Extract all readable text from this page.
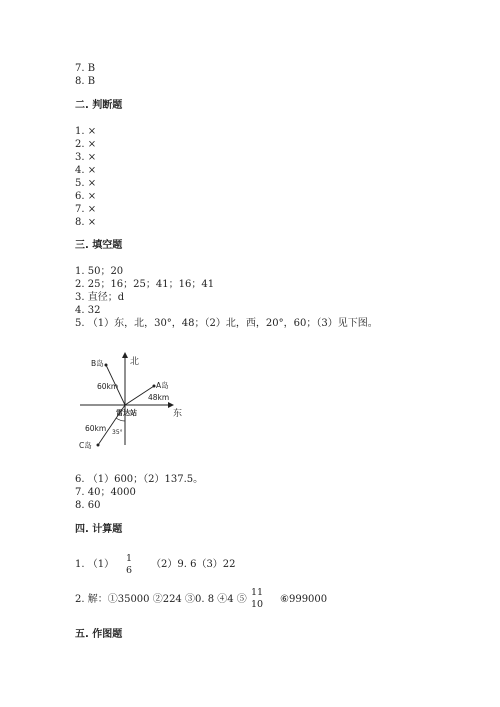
7. B
8. B
二. 判断题
1. ×
2. ×
3. ×
4. ×
5. ×
6. ×
7. ×
8. ×
三. 填空题
1. 50；20
2. 25；16；25；41；16；41
3. 直径；d
4. 32
5. （1）东，北，30°，48；（2）北，西，20°，60；（3）见下图。
北
东
B岛
A岛
C岛
60km
48km
60km 35°
雷达站
6. （1）600；（2）137.5。
7. 40；4000
8. 60
四. 计算题
1. （1）
1
6
（2）9. 6（3）22
2. 解：①35000 ②224 ③0. 8 ④4 ⑤
11
10 ⑥999000
五. 作图题
